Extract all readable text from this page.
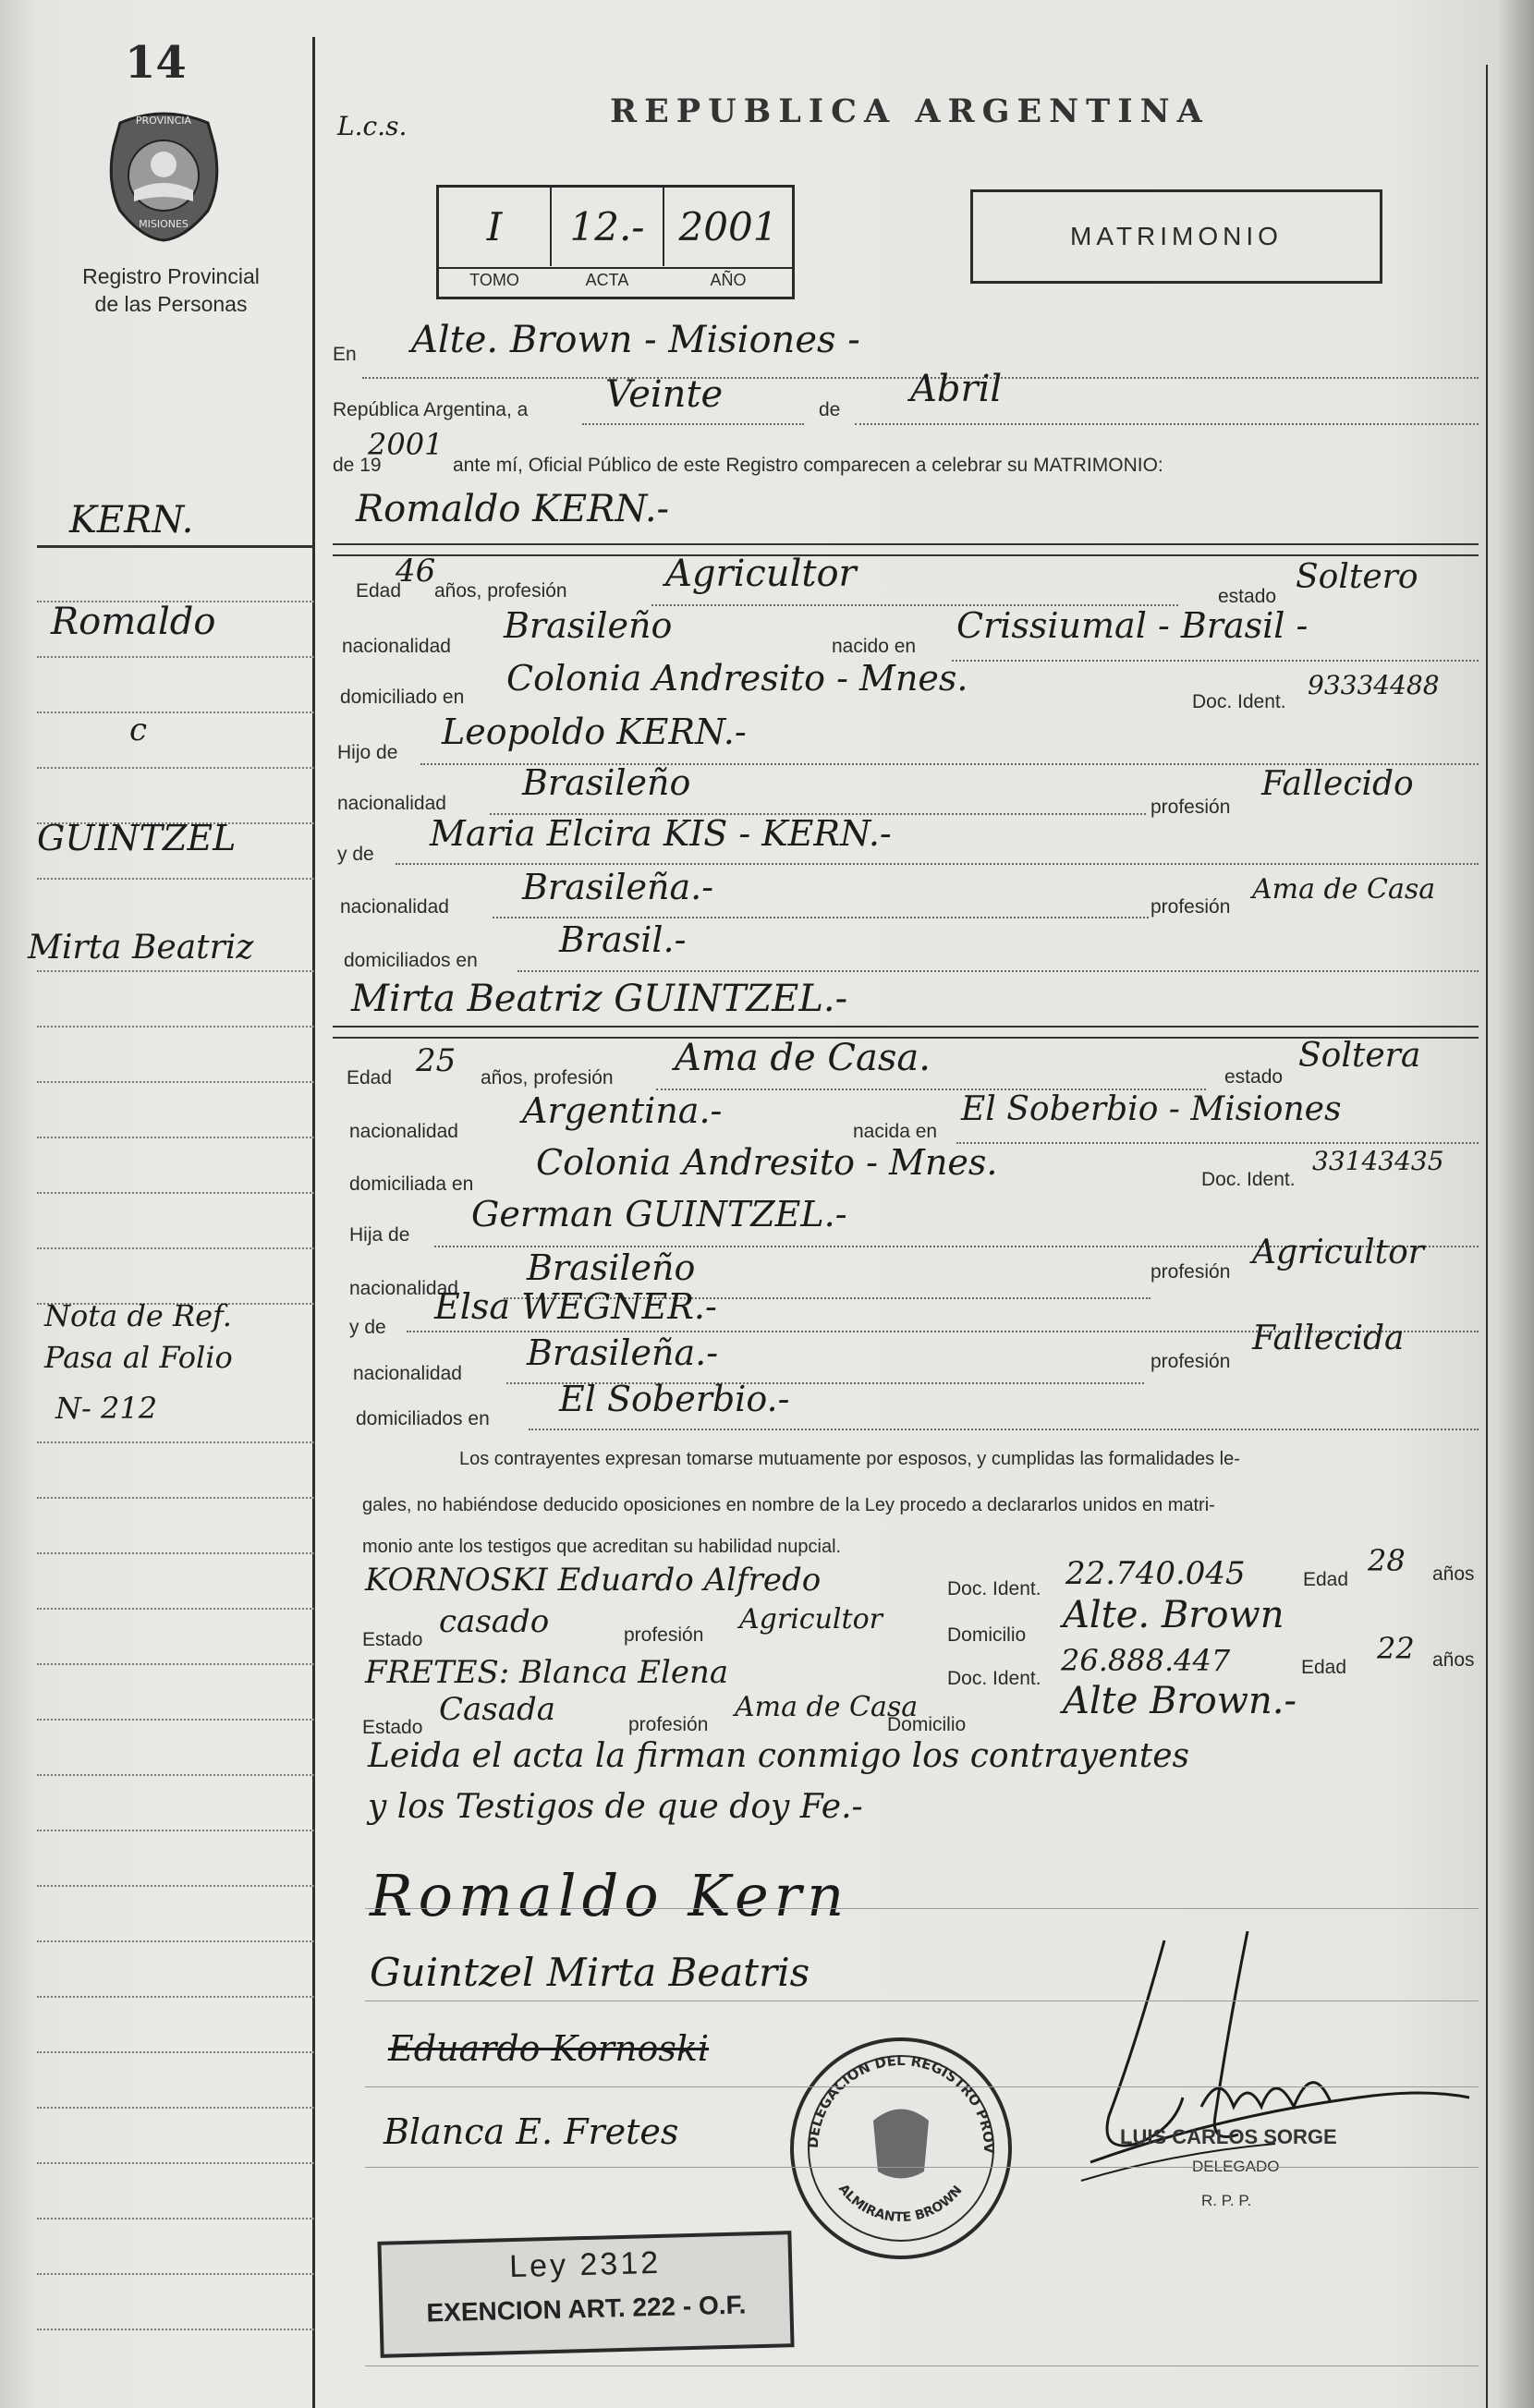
14
PROVINCIA
MISIONES
Registro Provincial
de las Personas
L.c.s.	REPUBLICA ARGENTINA
I	12.- 2001
TOMO	ACTA	AÑO
MATRIMONIO
KERN.
Romaldo
c
GUINTZEL
Mirta Beatriz
Nota de Ref.
Pasa al Folio
N- 212
En Alte. Brown - Misiones -
República Argentina, a Veinte	de Abril
de 19
2001
ante mí, Oficial Público de este Registro comparecen a celebrar su MATRIMONIO:
Romaldo KERN.-
Edad
46
años, profesión	Agricultor
estado
Soltero
nacionalidad
Brasileño
nacido en
Crissiumal - Brasil -
domiciliado en Colonia Andresito - Mnes.
Doc. Ident.
93334488
Hijo de
Leopoldo KERN.-
nacionalidad
Brasileño
profesión
Fallecido
y de
Maria Elcira KIS - KERN.-
nacionalidad Brasileña.-	profesión
Ama de Casa
domiciliados en
Brasil.-
Mirta Beatriz GUINTZEL.-
Edad 25 años, profesión Ama de Casa.	estado
Soltera
nacionalidad
Argentina.-
nacida en
El Soberbio - Misiones
domiciliada en
Colonia Andresito - Mnes.	Doc. Ident.
33143435
Hija de
German GUINTZEL.-
nacionalidad
Brasileño	profesión
Agricultor
y de
Elsa WEGNER.-
nacionalidad
Brasileña.-	profesión
Fallecida
domiciliados en El Soberbio.-
Los contrayentes expresan tomarse mutuamente por esposos, y cumplidas las formalidades le-
gales, no habiéndose deducido oposiciones en nombre de la Ley procedo a declararlos unidos en matri-
monio ante los testigos que acreditan su habilidad nupcial.
KORNOSKI Eduardo Alfredo	Doc. Ident. 22.740.045	Edad
28 años
Estado casado	profesión Agricultor	Domicilio Alte. Brown
FRETES: Blanca Elena	Doc. Ident.
26.888.447	Edad
22 años
Estado Casada	profesión
Ama de Casa
Domicilio
Alte Brown.-
Leida el acta la firman conmigo los contrayentes
y los Testigos de que doy Fe.-
Romaldo Kern
Guintzel Mirta Beatris
Eduardo Kornoski
Blanca E. Fretes	LUIS CARLOS SORGE
DELEGADO
R. P. P.
DELEGACION DEL REGISTRO PROV
ALMIRANTE BROWN
Ley 2312
EXENCION ART. 222 - O.F.
